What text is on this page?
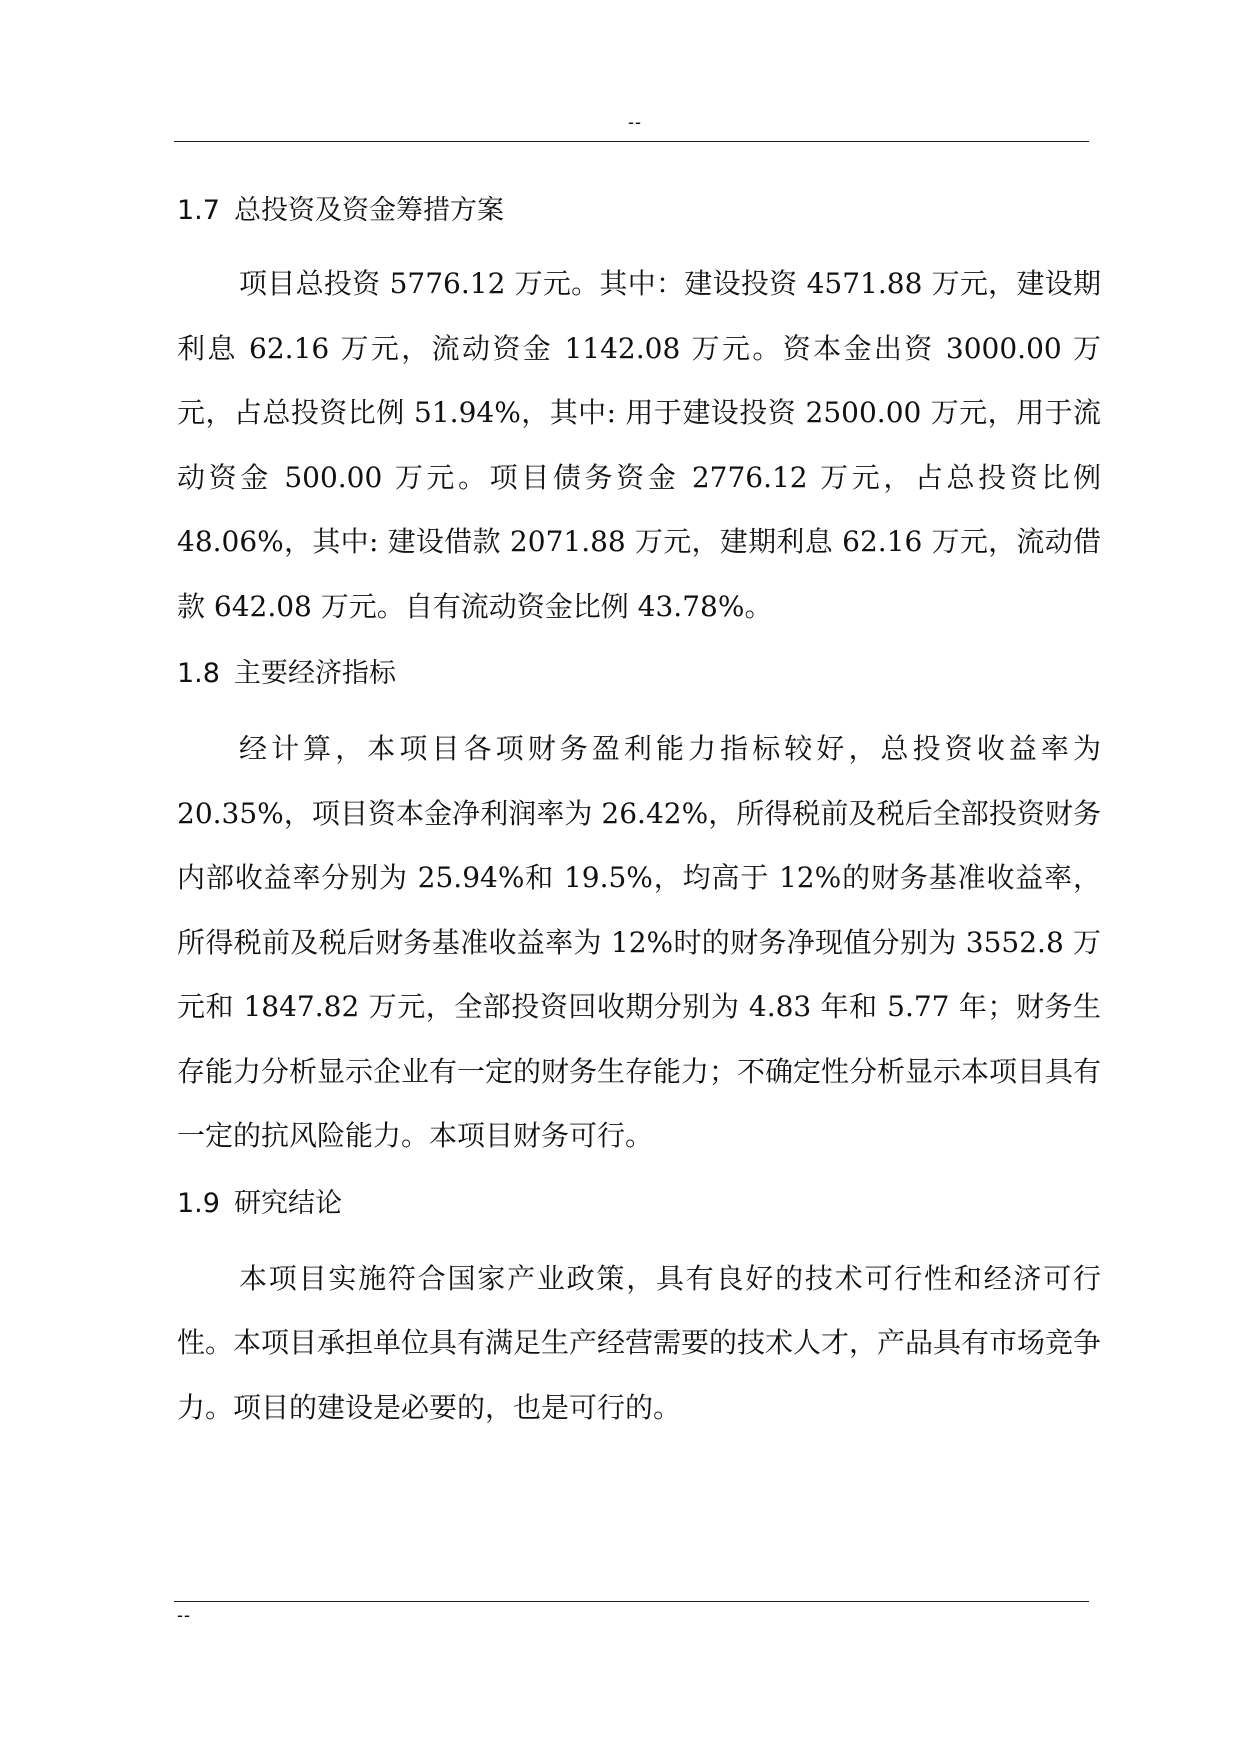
--
1.7 总投资及资金筹措方案

项目总投资 5776.12 万元。其中：建设投资 4571.88 万元，建设期利息 62.16 万元，流动资金 1142.08 万元。资本金出资 3000.00 万元，占总投资比例 51.94%，其中: 用于建设投资 2500.00 万元，用于流动资金 500.00 万元。项目债务资金 2776.12 万元，占总投资比例 48.06%，其中: 建设借款 2071.88 万元，建期利息 62.16 万元，流动借款 642.08 万元。自有流动资金比例 43.78%。

1.8 主要经济指标

经计算，本项目各项财务盈利能力指标较好，总投资收益率为 20.35%，项目资本金净利润率为 26.42%，所得税前及税后全部投资财务内部收益率分别为 25.94%和 19.5%，均高于 12%的财务基准收益率，所得税前及税后财务基准收益率为 12%时的财务净现值分别为 3552.8 万元和 1847.82 万元，全部投资回收期分别为 4.83 年和 5.77 年；财务生存能力分析显示企业有一定的财务生存能力；不确定性分析显示本项目具有一定的抗风险能力。本项目财务可行。

1.9 研究结论

本项目实施符合国家产业政策，具有良好的技术可行性和经济可行性。本项目承担单位具有满足生产经营需要的技术人才，产品具有市场竞争力。项目的建设是必要的，也是可行的。

--
